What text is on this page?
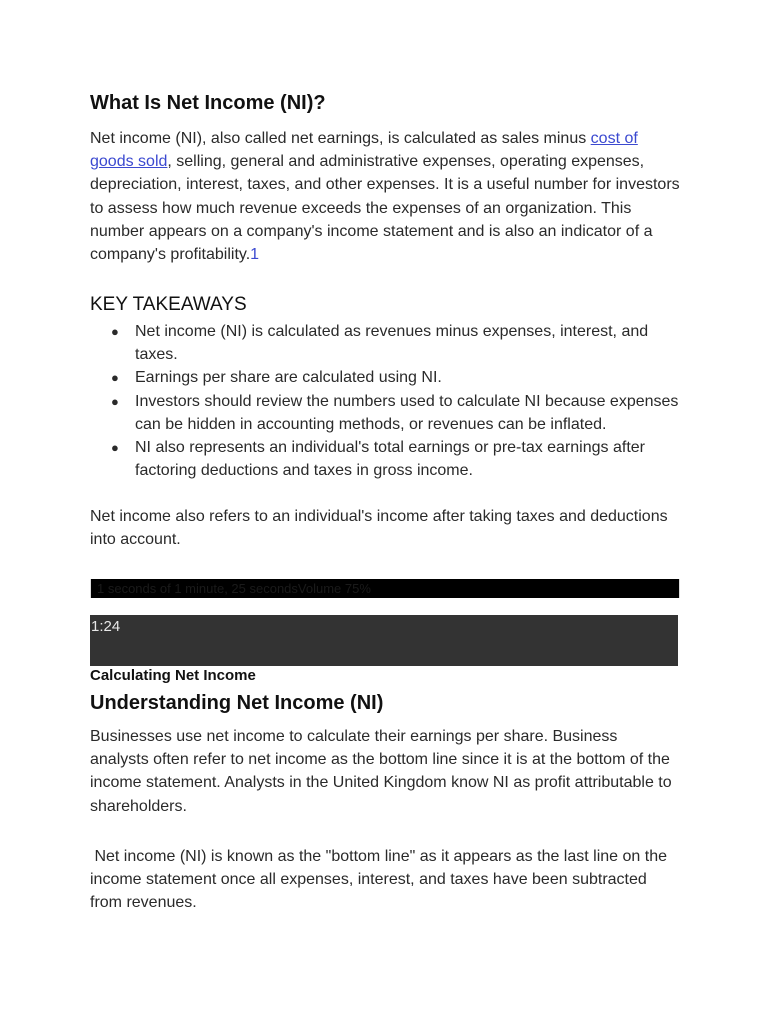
What Is Net Income (NI)?

Net income (NI), also called net earnings, is calculated as sales minus cost of goods sold, selling, general and administrative expenses, operating expenses, depreciation, interest, taxes, and other expenses. It is a useful number for investors to assess how much revenue exceeds the expenses of an organization. This number appears on a company's income statement and is also an indicator of a company's profitability.1

KEY TAKEAWAYS
● Net income (NI) is calculated as revenues minus expenses, interest, and taxes.
● Earnings per share are calculated using NI.
● Investors should review the numbers used to calculate NI because expenses can be hidden in accounting methods, or revenues can be inflated.
● NI also represents an individual's total earnings or pre-tax earnings after factoring deductions and taxes in gross income.

Net income also refers to an individual's income after taking taxes and deductions into account.

1 seconds of 1 minute, 25 secondsVolume 75%
1:24
Calculating Net Income
Understanding Net Income (NI)

Businesses use net income to calculate their earnings per share. Business analysts often refer to net income as the bottom line since it is at the bottom of the income statement. Analysts in the United Kingdom know NI as profit attributable to shareholders.

Net income (NI) is known as the "bottom line" as it appears as the last line on the income statement once all expenses, interest, and taxes have been subtracted from revenues.
